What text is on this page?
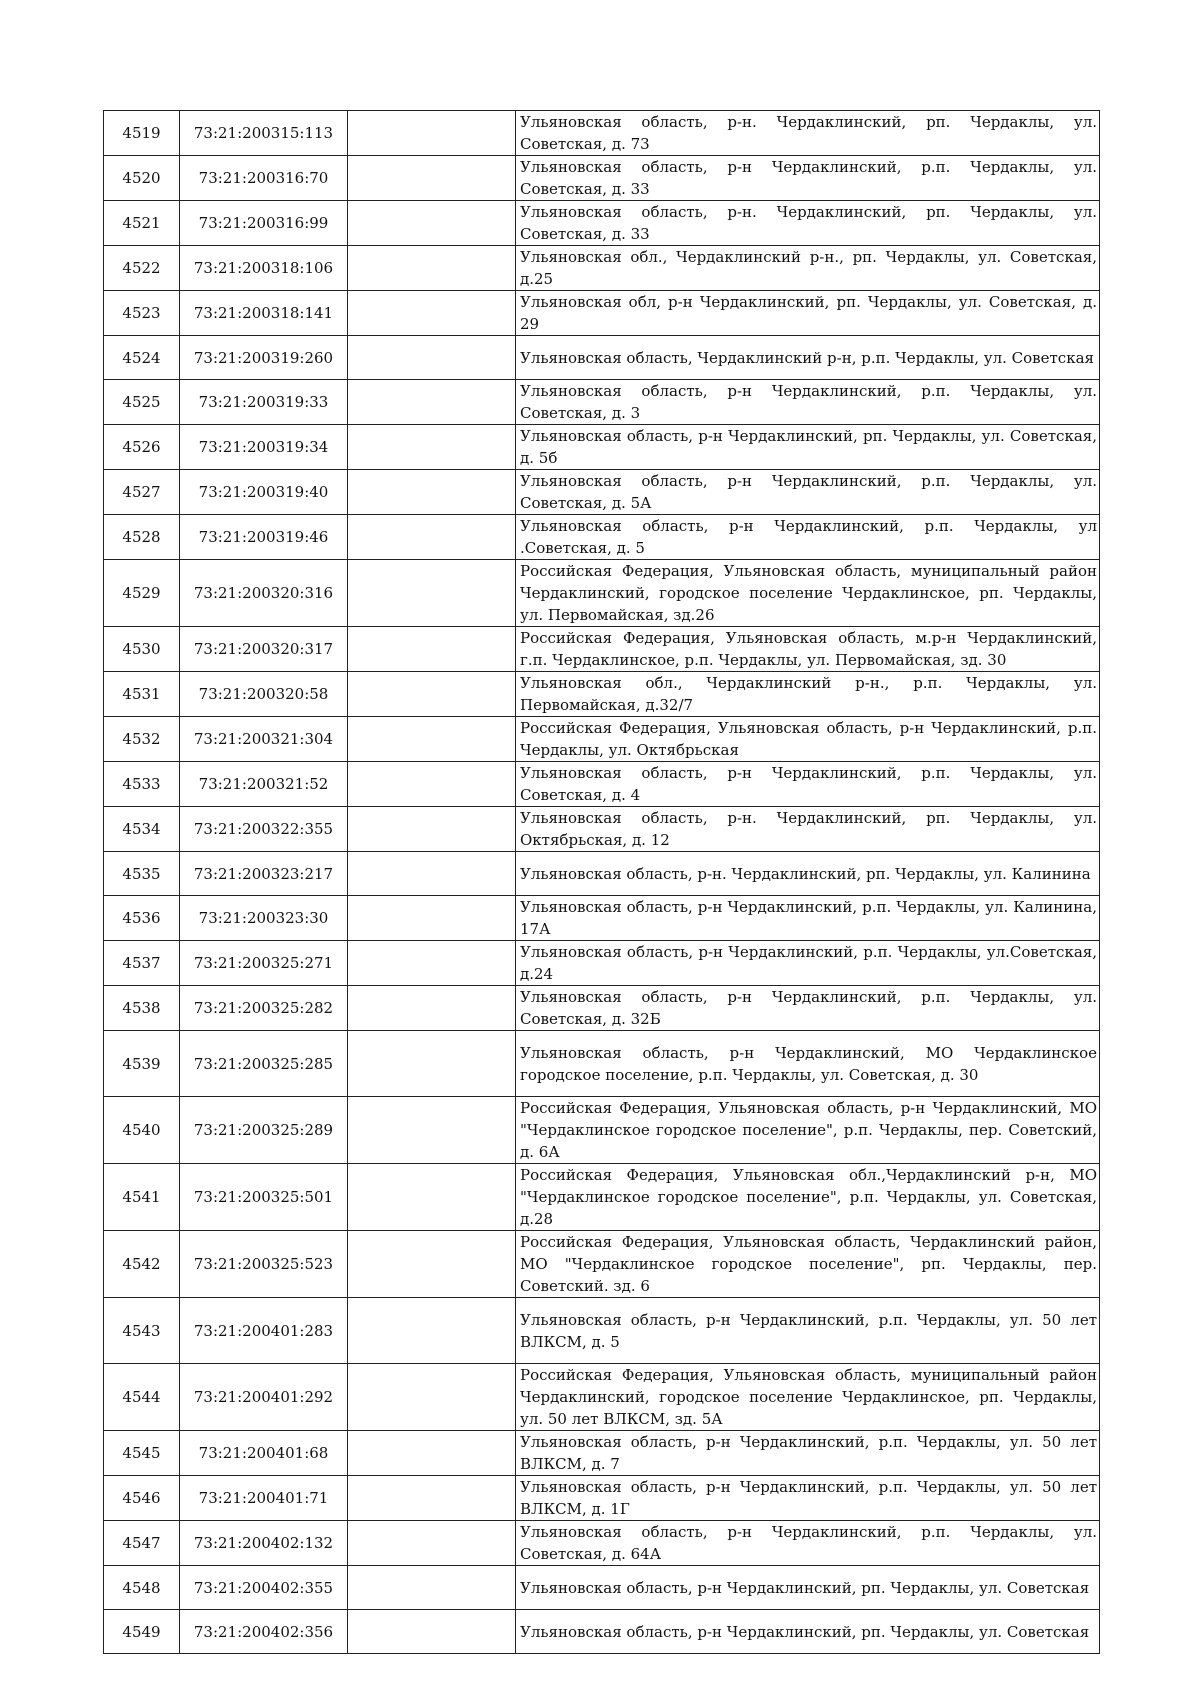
4519	73:21:200315:113		Ульяновская область, р-н. Чердаклинский, рп. Чердаклы, ул. Советская, д. 73
4520	73:21:200316:70		Ульяновская область, р-н Чердаклинский, р.п. Чердаклы, ул. Советская, д. 33
4521	73:21:200316:99		Ульяновская область, р-н. Чердаклинский, рп. Чердаклы, ул. Советская, д. 33
4522	73:21:200318:106		Ульяновская обл., Чердаклинский р-н., рп. Чердаклы, ул. Советская, д.25
4523	73:21:200318:141		Ульяновская обл, р-н Чердаклинский, рп. Чердаклы, ул. Советская, д. 29
4524	73:21:200319:260		Ульяновская область, Чердаклинский р-н, р.п. Чердаклы, ул. Советская
4525	73:21:200319:33		Ульяновская область, р-н Чердаклинский, р.п. Чердаклы, ул. Советская, д. 3
4526	73:21:200319:34		Ульяновская область, р-н Чердаклинский, рп. Чердаклы, ул. Советская, д. 5б
4527	73:21:200319:40		Ульяновская область, р-н Чердаклинский, р.п. Чердаклы, ул. Советская, д. 5А
4528	73:21:200319:46		Ульяновская область, р-н Чердаклинский, р.п. Чердаклы, ул .Советская, д. 5
4529	73:21:200320:316		Российская Федерация, Ульяновская область, муниципальный район Чердаклинский, городское поселение Чердаклинское, рп. Чердаклы, ул. Первомайская, зд.26
4530	73:21:200320:317		Российская Федерация, Ульяновская область, м.р-н Чердаклинский, г.п. Чердаклинское, р.п. Чердаклы, ул. Первомайская, зд. 30
4531	73:21:200320:58		Ульяновская обл., Чердаклинский р-н., р.п. Чердаклы, ул. Первомайская, д.32/7
4532	73:21:200321:304		Российская Федерация, Ульяновская область, р-н Чердаклинский, р.п. Чердаклы, ул. Октябрьская
4533	73:21:200321:52		Ульяновская область, р-н Чердаклинский, р.п. Чердаклы, ул. Советская, д. 4
4534	73:21:200322:355		Ульяновская область, р-н. Чердаклинский, рп. Чердаклы, ул. Октябрьская, д. 12
4535	73:21:200323:217		Ульяновская область, р-н. Чердаклинский, рп. Чердаклы, ул. Калинина
4536	73:21:200323:30		Ульяновская область, р-н Чердаклинский, р.п. Чердаклы, ул. Калинина, 17А
4537	73:21:200325:271		Ульяновская область, р-н Чердаклинский, р.п. Чердаклы, ул.Советская, д.24
4538	73:21:200325:282		Ульяновская область, р-н Чердаклинский, р.п. Чердаклы, ул. Советская, д. 32Б
4539	73:21:200325:285		Ульяновская область, р-н Чердаклинский, МО Чердаклинское городское поселение, р.п. Чердаклы, ул. Советская, д. 30
4540	73:21:200325:289		Российская Федерация, Ульяновская область, р-н Чердаклинский, МО "Чердаклинское городское поселение", р.п. Чердаклы, пер. Советский, д. 6А
4541	73:21:200325:501		Российская Федерация, Ульяновская обл.,Чердаклинский р-н, МО "Чердаклинское городское поселение", р.п. Чердаклы, ул. Советская, д.28
4542	73:21:200325:523		Российская Федерация, Ульяновская область, Чердаклинский район, МО "Чердаклинское городское поселение", рп. Чердаклы, пер. Советский. зд. 6
4543	73:21:200401:283		Ульяновская область, р-н Чердаклинский, р.п. Чердаклы, ул. 50 лет ВЛКСМ, д. 5
4544	73:21:200401:292		Российская Федерация, Ульяновская область, муниципальный район Чердаклинский, городское поселение Чердаклинское, рп. Чердаклы, ул. 50 лет ВЛКСМ, зд. 5А
4545	73:21:200401:68		Ульяновская область, р-н Чердаклинский, р.п. Чердаклы, ул. 50 лет ВЛКСМ, д. 7
4546	73:21:200401:71		Ульяновская область, р-н Чердаклинский, р.п. Чердаклы, ул. 50 лет ВЛКСМ, д. 1Г
4547	73:21:200402:132		Ульяновская область, р-н Чердаклинский, р.п. Чердаклы, ул. Советская, д. 64А
4548	73:21:200402:355		Ульяновская область, р-н Чердаклинский, рп. Чердаклы, ул. Советская
4549	73:21:200402:356		Ульяновская область, р-н Чердаклинский, рп. Чердаклы, ул. Советская
